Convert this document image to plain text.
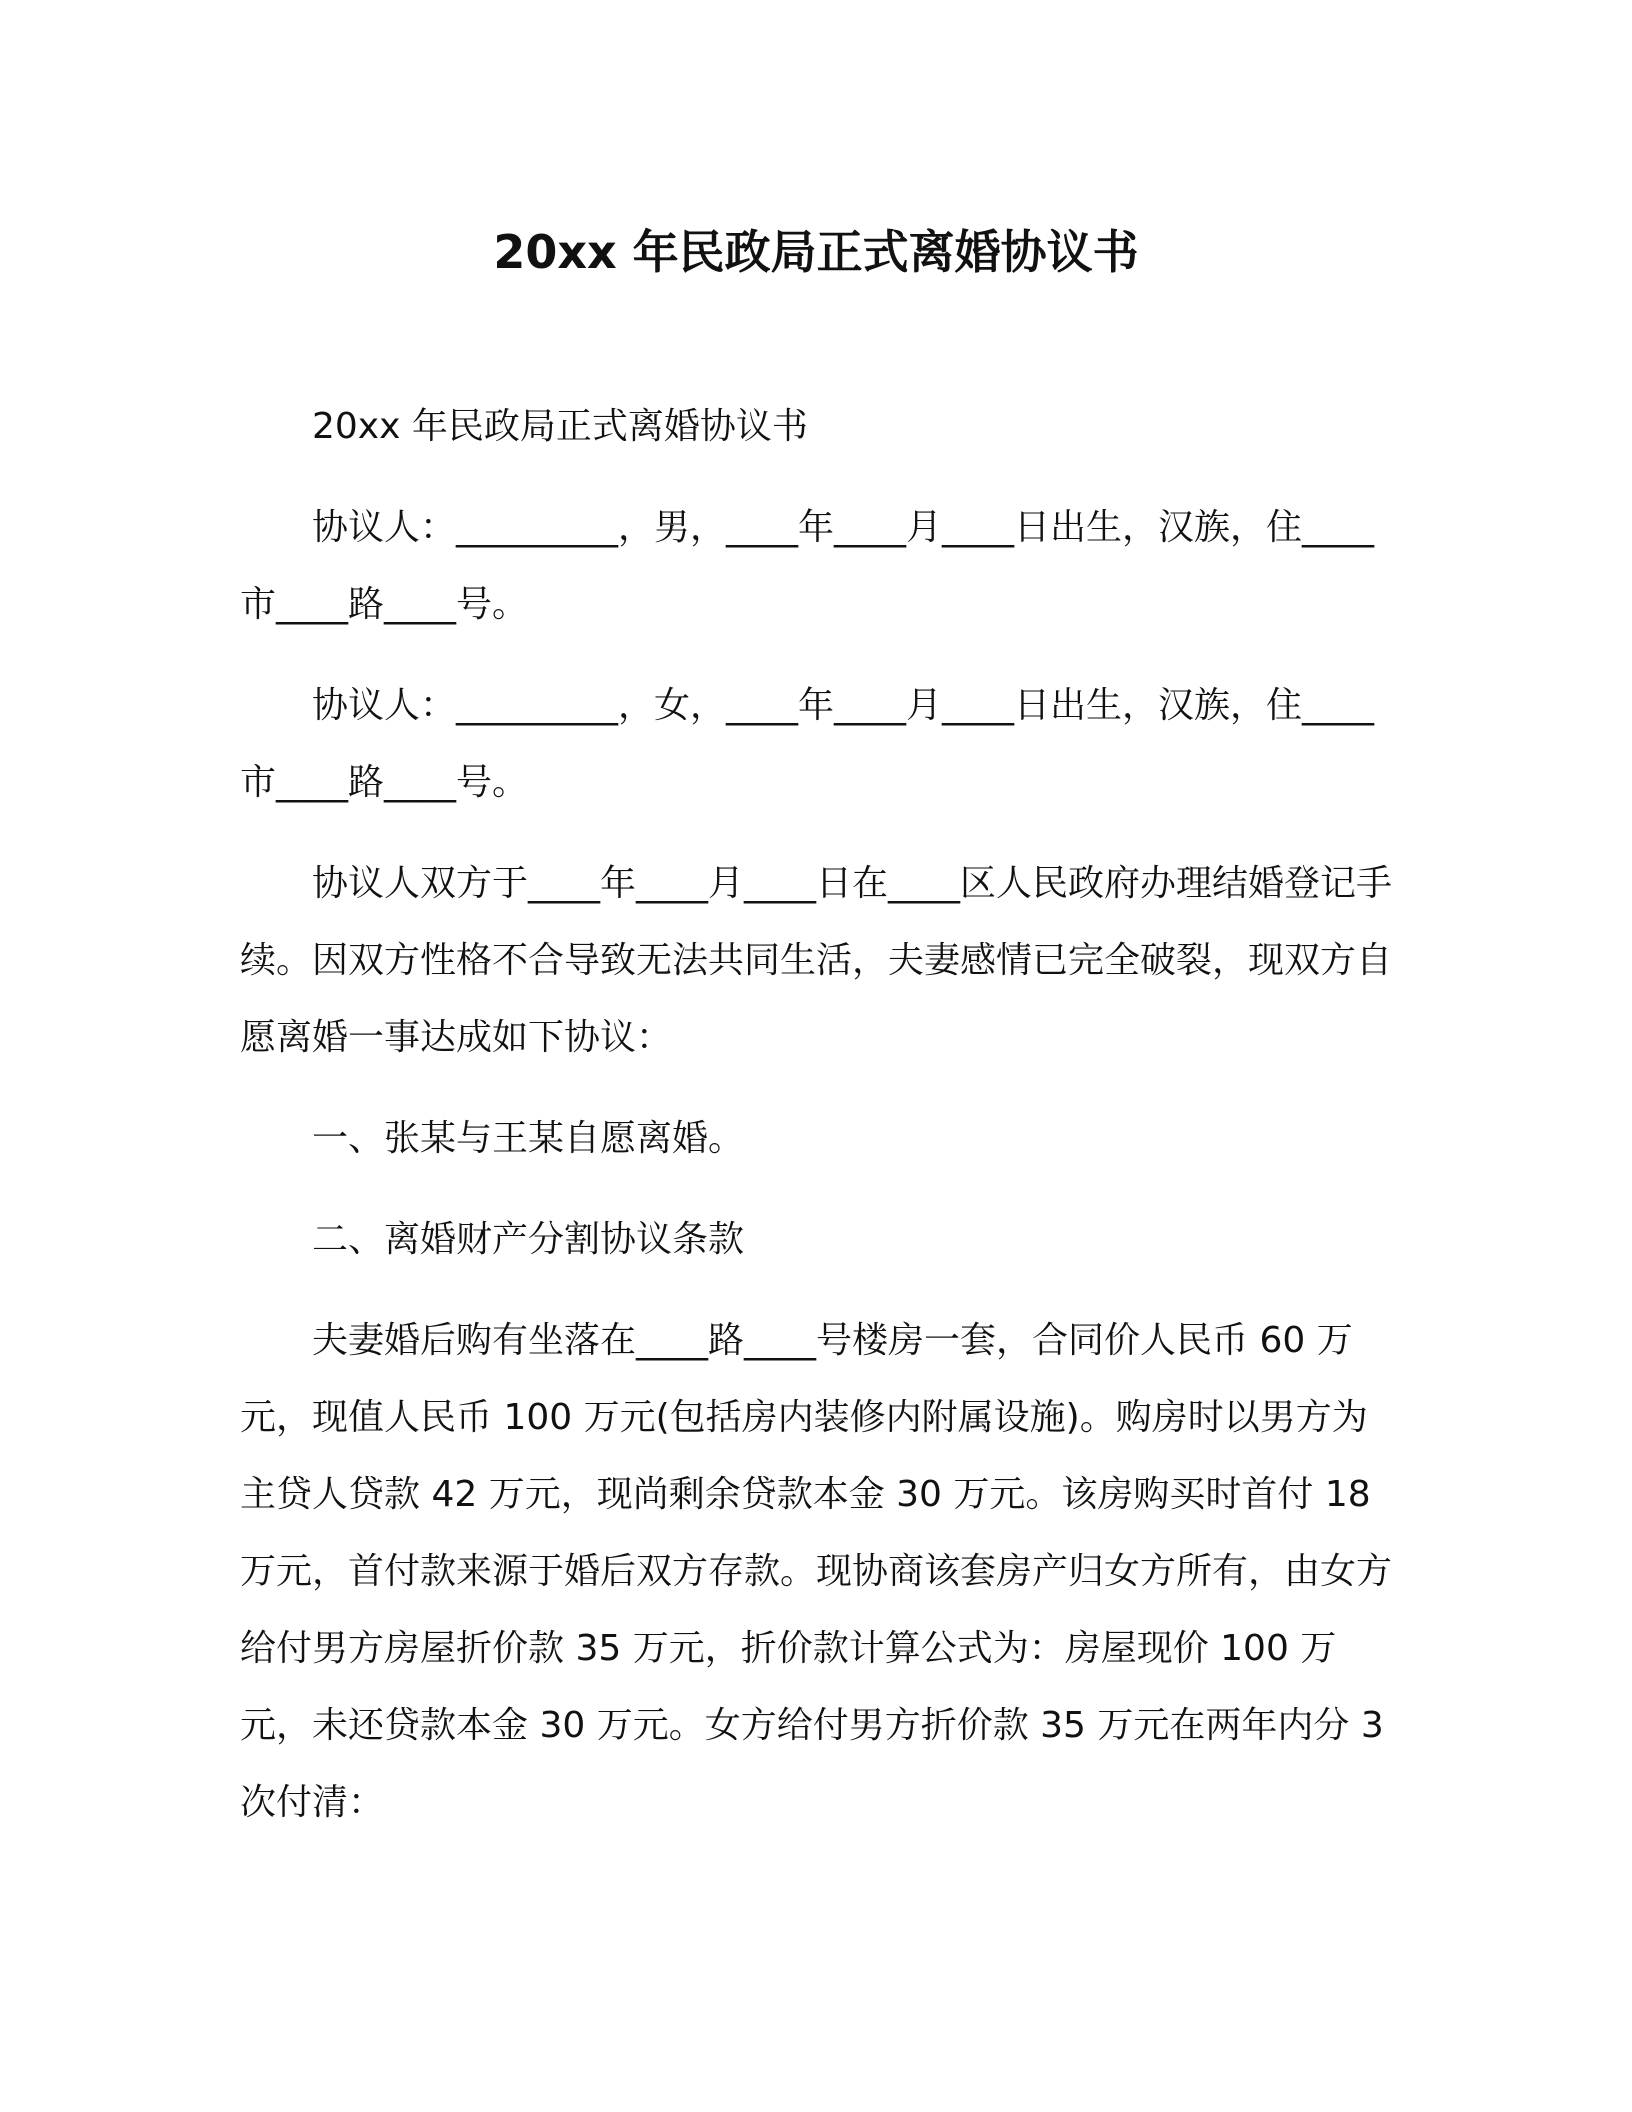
20xx 年民政局正式离婚协议书

20xx 年民政局正式离婚协议书

协议人：_________，男，____年____月____日出生，汉族，住____市____路____号。

协议人：_________，女，____年____月____日出生，汉族，住____市____路____号。

协议人双方于____年____月____日在____区人民政府办理结婚登记手续。因双方性格不合导致无法共同生活，夫妻感情已完全破裂，现双方自愿离婚一事达成如下协议：

一、张某与王某自愿离婚。

二、离婚财产分割协议条款

夫妻婚后购有坐落在____路____号楼房一套，合同价人民币 60 万元，现值人民币 100 万元(包括房内装修内附属设施)。购房时以男方为主贷人贷款 42 万元，现尚剩余贷款本金 30 万元。该房购买时首付 18 万元，首付款来源于婚后双方存款。现协商该套房产归女方所有，由女方给付男方房屋折价款 35 万元，折价款计算公式为：房屋现价 100 万元，未还贷款本金 30 万元。女方给付男方折价款 35 万元在两年内分 3 次付清：
